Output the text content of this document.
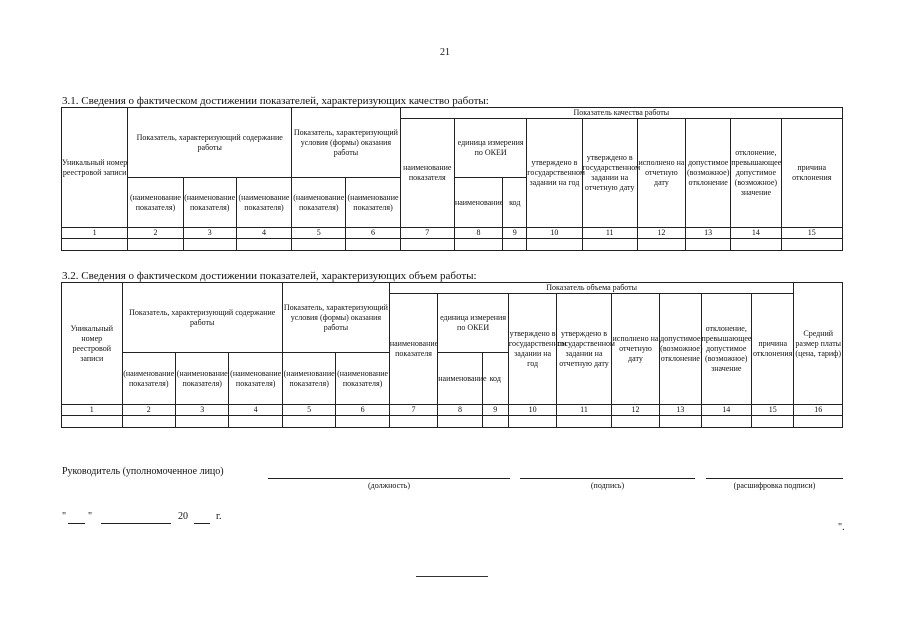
21
3.1. Сведения о фактическом достижении показателей, характеризующих качество работы:
Уникальный номер реестровой записи	Показатель, характеризующий содержание работы			Показатель, характеризующий условия (формы) оказания работы		Показатель качества работы								
						наименование показателя	единица измерения по ОКЕИ		утверждено в государственном задании на год	утверждено в государственном задании на отчетную дату	исполнено на отчетную дату	допустимое (возможное) отклонение	отклонение, превышающее допустимое (возможное) значение	причина отклонения
	(наименование показателя)	(наименование показателя)	(наименование показателя)	(наименование показателя)	(наименование показателя)		наименование	код						
1	2	3	4	5	6	7	8	9	10	11	12	13	14	15

3.2. Сведения о фактическом достижении показателей, характеризующих объем работы:
Уникальный номер реестровой записи	Показатель, характеризующий содержание работы			Показатель, характеризующий условия (формы) оказания работы		Показатель объема работы									Средний размер платы (цена, тариф)
						наименование показателя	единица измерения по ОКЕИ		утверждено в государственном задании на год	утверждено в государственном задании на отчетную дату	исполнено на отчетную дату	допустимое (возможное) отклонение	отклонение, превышающее допустимое (возможное) значение	причина отклонения	
	(наименование показателя)	(наименование показателя)	(наименование показателя)	(наименование показателя)	(наименование показателя)		наименование	код							
1	2	3	4	5	6	7	8	9	10	11	12	13	14	15	16

Руководитель (уполномоченное лицо)
(должность)	(подпись)	(расшифровка подписи)
" "	20	г.
".
